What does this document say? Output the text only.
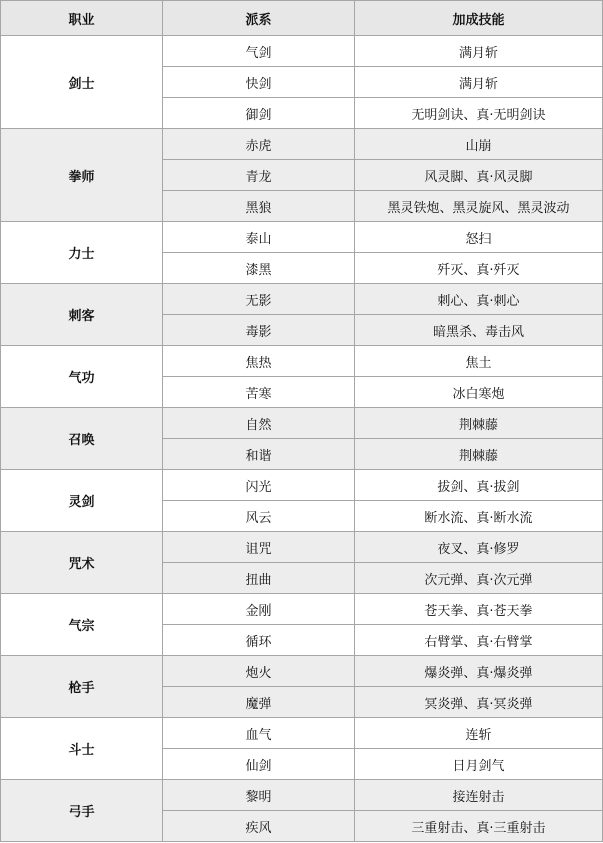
职业	派系	加成技能
剑士	气剑	满月斩
	快剑	满月斩
	御剑	无明剑诀、真·无明剑诀
拳师	赤虎	山崩
	青龙	风灵脚、真·风灵脚
	黑狼	黑灵铁炮、黑灵旋风、黑灵波动
力士	泰山	怒扫
	漆黑	歼灭、真·歼灭
刺客	无影	刺心、真·刺心
	毒影	暗黑杀、毒击风
气功	焦热	焦土
	苦寒	冰白寒炮
召唤	自然	荆棘藤
	和谐	荆棘藤
灵剑	闪光	拔剑、真·拔剑
	风云	断水流、真·断水流
咒术	诅咒	夜叉、真·修罗
	扭曲	次元弹、真·次元弹
气宗	金刚	苍天拳、真·苍天拳
	循环	右臂掌、真·右臂掌
枪手	炮火	爆炎弹、真·爆炎弹
	魔弹	冥炎弹、真·冥炎弹
斗士	血气	连斩
	仙剑	日月剑气
弓手	黎明	接连射击
	疾风	三重射击、真·三重射击
